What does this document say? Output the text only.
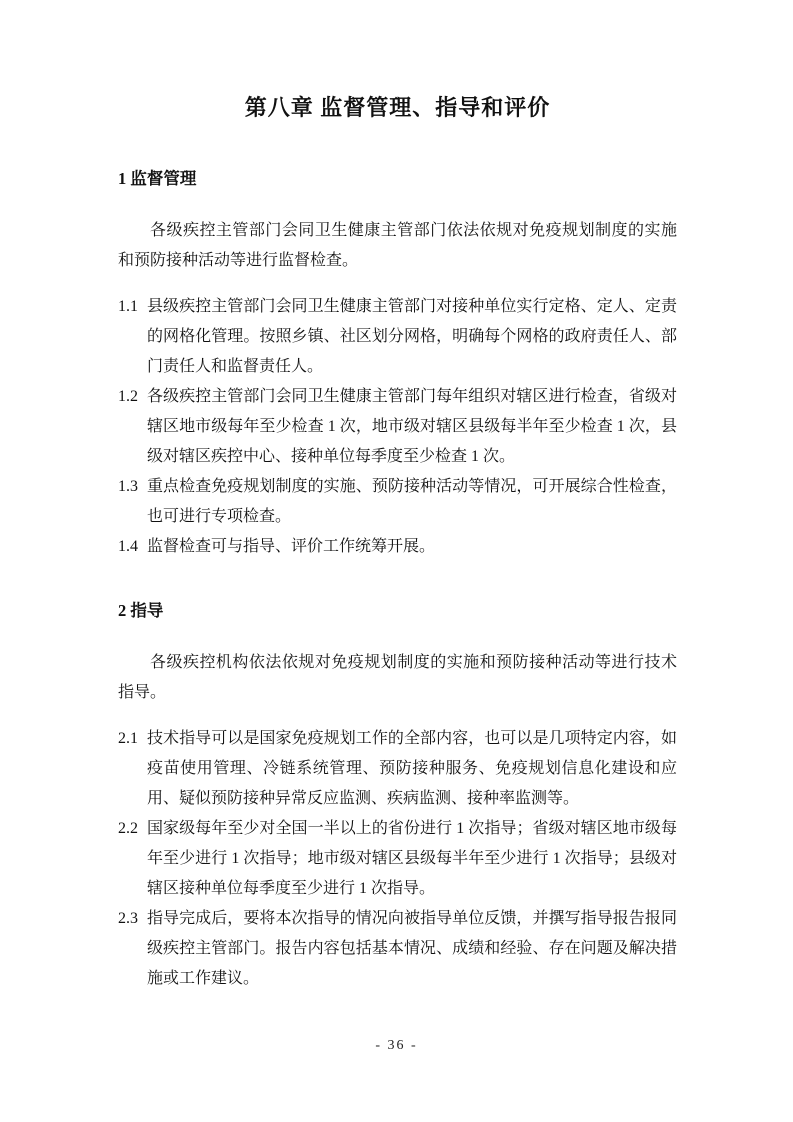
第八章 监督管理、指导和评价
1 监督管理

各级疾控主管部门会同卫生健康主管部门依法依规对免疫规划制度的实施和预防接种活动等进行监督检查。

1.1 县级疾控主管部门会同卫生健康主管部门对接种单位实行定格、定人、定责的网格化管理。按照乡镇、社区划分网格，明确每个网格的政府责任人、部门责任人和监督责任人。
1.2 各级疾控主管部门会同卫生健康主管部门每年组织对辖区进行检查，省级对辖区地市级每年至少检查 1 次，地市级对辖区县级每半年至少检查 1 次，县级对辖区疾控中心、接种单位每季度至少检查 1 次。
1.3 重点检查免疫规划制度的实施、预防接种活动等情况，可开展综合性检查，也可进行专项检查。
1.4 监督检查可与指导、评价工作统筹开展。
2 指导

各级疾控机构依法依规对免疫规划制度的实施和预防接种活动等进行技术指导。

2.1 技术指导可以是国家免疫规划工作的全部内容，也可以是几项特定内容，如疫苗使用管理、冷链系统管理、预防接种服务、免疫规划信息化建设和应用、疑似预防接种异常反应监测、疾病监测、接种率监测等。
2.2 国家级每年至少对全国一半以上的省份进行 1 次指导；省级对辖区地市级每年至少进行 1 次指导；地市级对辖区县级每半年至少进行 1 次指导；县级对辖区接种单位每季度至少进行 1 次指导。
2.3 指导完成后，要将本次指导的情况向被指导单位反馈，并撰写指导报告报同级疾控主管部门。报告内容包括基本情况、成绩和经验、存在问题及解决措施或工作建议。
- 36 -
